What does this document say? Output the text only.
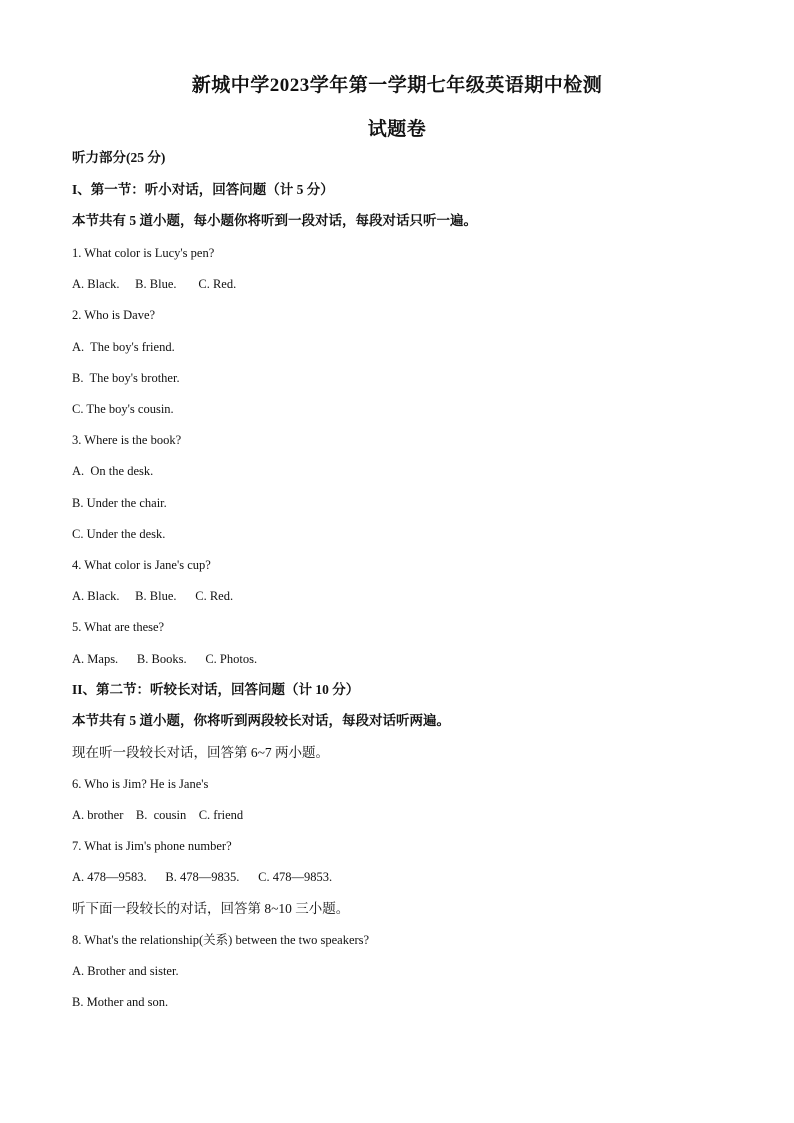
新城中学2023学年第一学期七年级英语期中检测
试题卷
听力部分(25 分)
I、第一节：听小对话，回答问题（计 5 分）
本节共有 5 道小题，每小题你将听到一段对话，每段对话只听一遍。
1. What color is Lucy's pen?
A. Black.     B. Blue.       C. Red.
2. Who is Dave?
A.  The boy's friend.
B.  The boy's brother.
C. The boy's cousin.
3. Where is the book?
A.  On the desk.
B. Under the chair.
C. Under the desk.
4. What color is Jane's cup?
A. Black.     B. Blue.      C. Red.
5. What are these?
A. Maps.      B. Books.      C. Photos.
II、第二节：听较长对话，回答问题（计 10 分）
本节共有 5 道小题，你将听到两段较长对话，每段对话听两遍。
现在听一段较长对话，回答第 6~7 两小题。
6. Who is Jim? He is Jane's
A. brother    B.  cousin    C. friend
7. What is Jim's phone number?
A. 478—9583.      B. 478—9835.      C. 478—9853.
听下面一段较长的对话，回答第 8~10 三小题。
8. What's the relationship(关系) between the two speakers?
A. Brother and sister.
B. Mother and son.
